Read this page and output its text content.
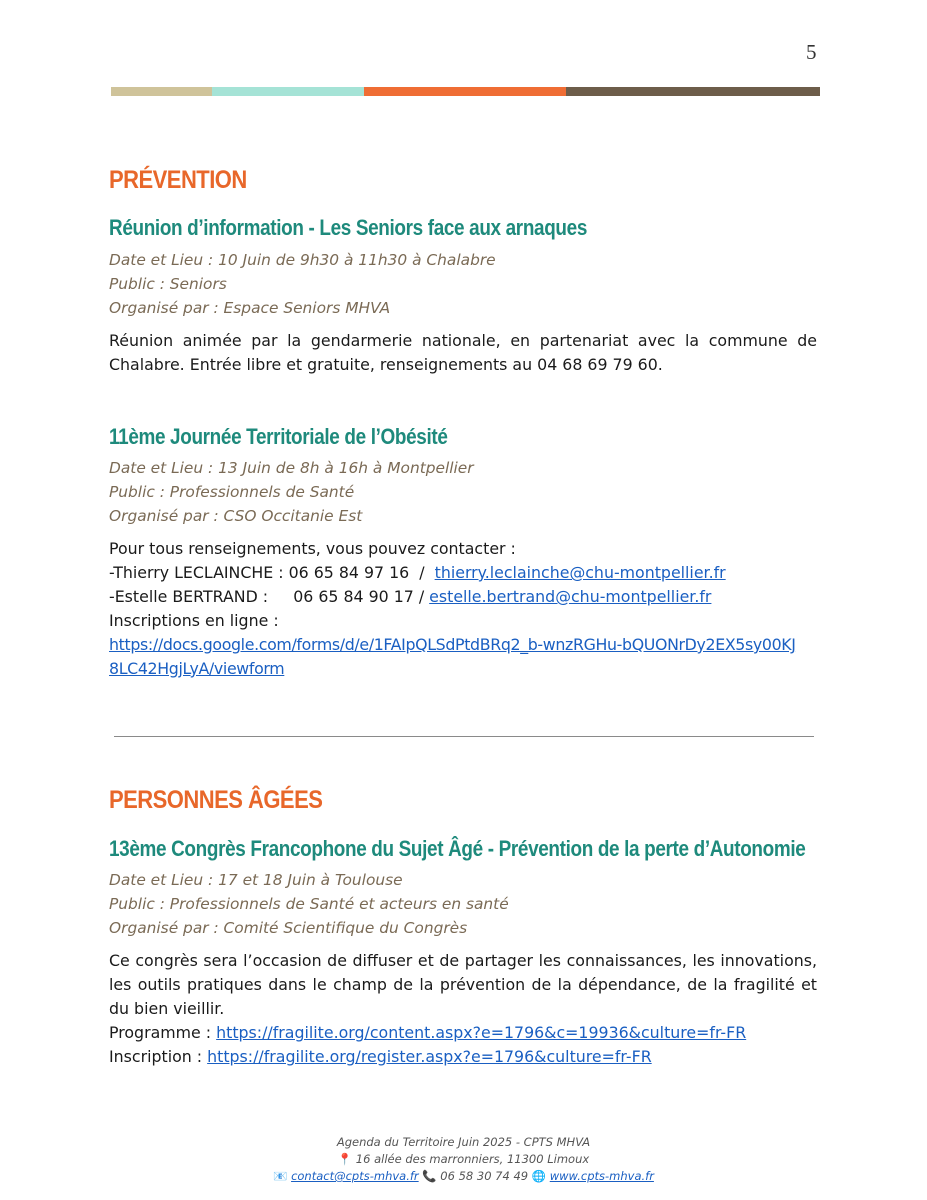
5
PRÉVENTION
Réunion d’information - Les Seniors face aux arnaques
Date et Lieu : 10 Juin de 9h30 à 11h30 à Chalabre
Public : Seniors
Organisé par : Espace Seniors MHVA
Réunion animée par la gendarmerie nationale, en partenariat avec la commune de Chalabre. Entrée libre et gratuite, renseignements au 04 68 69 79 60.
11ème Journée Territoriale de l’Obésité
Date et Lieu : 13 Juin de 8h à 16h à Montpellier
Public : Professionnels de Santé
Organisé par : CSO Occitanie Est
Pour tous renseignements, vous pouvez contacter :
-Thierry LECLAINCHE : 06 65 84 97 16  /  thierry.leclainche@chu-montpellier.fr
-Estelle BERTRAND :     06 65 84 90 17 / estelle.bertrand@chu-montpellier.fr
Inscriptions en ligne :
https://docs.google.com/forms/d/e/1FAIpQLSdPtdBRq2_b-wnzRGHu-bQUONrDy2EX5sy00KJ
8LC42HgjLyA/viewform
PERSONNES ÂGÉES
13ème Congrès Francophone du Sujet Âgé - Prévention de la perte d’Autonomie
Date et Lieu : 17 et 18 Juin à Toulouse
Public : Professionnels de Santé et acteurs en santé
Organisé par : Comité Scientifique du Congrès
Ce congrès sera l’occasion de diffuser et de partager les connaissances, les innovations, les outils pratiques dans le champ de la prévention de la dépendance, de la fragilité et du bien vieillir.
Programme : https://fragilite.org/content.aspx?e=1796&c=19936&culture=fr-FR
Inscription : https://fragilite.org/register.aspx?e=1796&culture=fr-FR
Agenda du Territoire Juin 2025 - CPTS MHVA
📍 16 allée des marronniers, 11300 Limoux
📧 contact@cpts-mhva.fr 📞 06 58 30 74 49 🌐 www.cpts-mhva.fr
